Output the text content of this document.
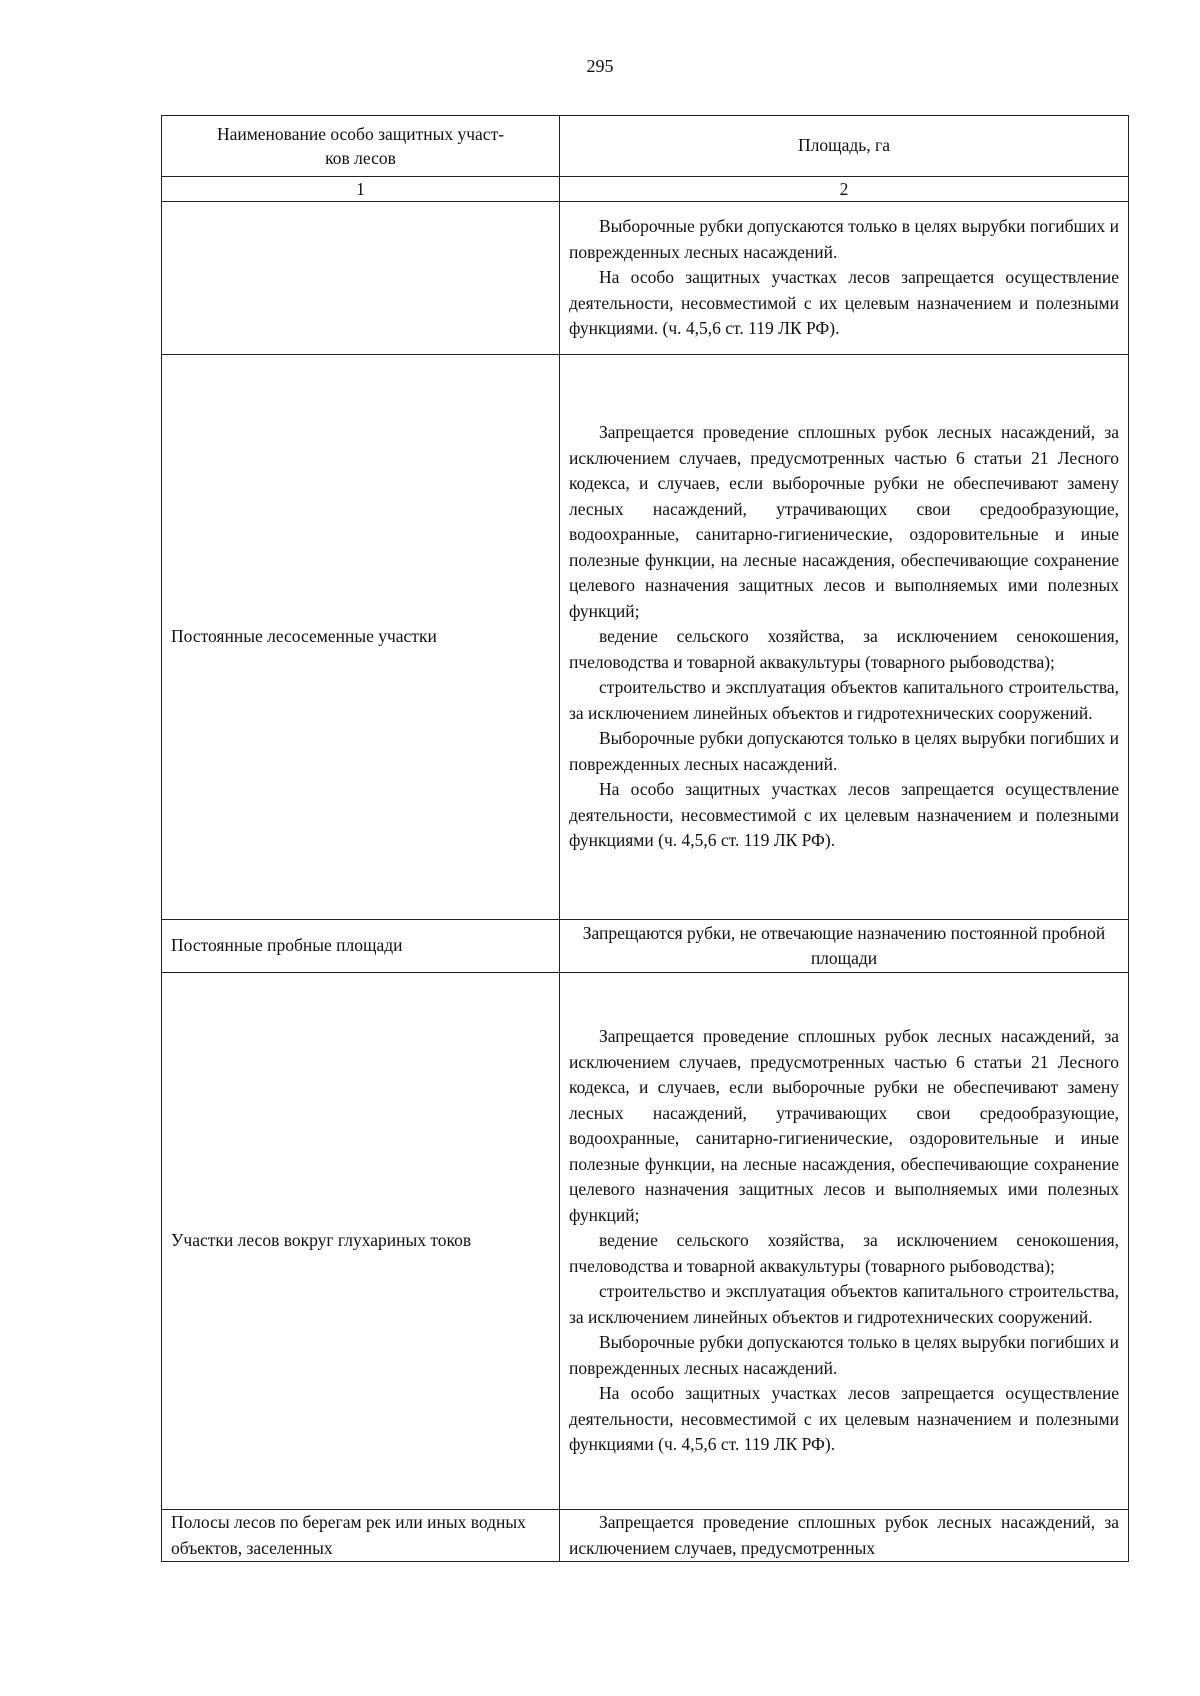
295
Наименование особо защитных участ-
ков лесов	Площадь, га
1	2

	Выборочные рубки допускаются только в целях вырубки погибших и поврежденных лесных насаждений.

На особо защитных участках лесов запрещается осуществление деятельности, несовместимой с их целевым назначением и полезными функциями. (ч. 4,5,6 ст. 119 ЛК РФ).

Постоянные лесосеменные участки	Запрещается проведение сплошных рубок лесных насаждений, за исключением случаев, предусмотренных частью 6 статьи 21 Лесного кодекса, и случаев, если выборочные рубки не обеспечивают замену лесных насаждений, утрачивающих свои средообразующие, водоохранные, санитарно-гигиенические, оздоровительные и иные полезные функции, на лесные насаждения, обеспечивающие сохранение целевого назначения защитных лесов и выполняемых ими полезных функций;

ведение сельского хозяйства, за исключением сенокошения, пчеловодства и товарной аквакультуры (товарного рыбоводства);

строительство и эксплуатация объектов капитального строительства, за исключением линейных объектов и гидротехнических сооружений.

Выборочные рубки допускаются только в целях вырубки погибших и поврежденных лесных насаждений.

На особо защитных участках лесов запрещается осуществление деятельности, несовместимой с их целевым назначением и полезными функциями (ч. 4,5,6 ст. 119 ЛК РФ).

Постоянные пробные площади	Запрещаются рубки, не отвечающие назначению постоянной пробной площади

Участки лесов вокруг глухариных токов	Запрещается проведение сплошных рубок лесных насаждений, за исключением случаев, предусмотренных частью 6 статьи 21 Лесного кодекса, и случаев, если выборочные рубки не обеспечивают замену лесных насаждений, утрачивающих свои средообразующие, водоохранные, санитарно-гигиенические, оздоровительные и иные полезные функции, на лесные насаждения, обеспечивающие сохранение целевого назначения защитных лесов и выполняемых ими полезных функций;

ведение сельского хозяйства, за исключением сенокошения, пчеловодства и товарной аквакультуры (товарного рыбоводства);

строительство и эксплуатация объектов капитального строительства, за исключением линейных объектов и гидротехнических сооружений.

Выборочные рубки допускаются только в целях вырубки погибших и поврежденных лесных насаждений.

На особо защитных участках лесов запрещается осуществление деятельности, несовместимой с их целевым назначением и полезными функциями (ч. 4,5,6 ст. 119 ЛК РФ).

Полосы лесов по берегам рек или иных водных объектов, заселенных	Запрещается проведение сплошных рубок лесных насаждений, за исключением случаев, предусмотренных
